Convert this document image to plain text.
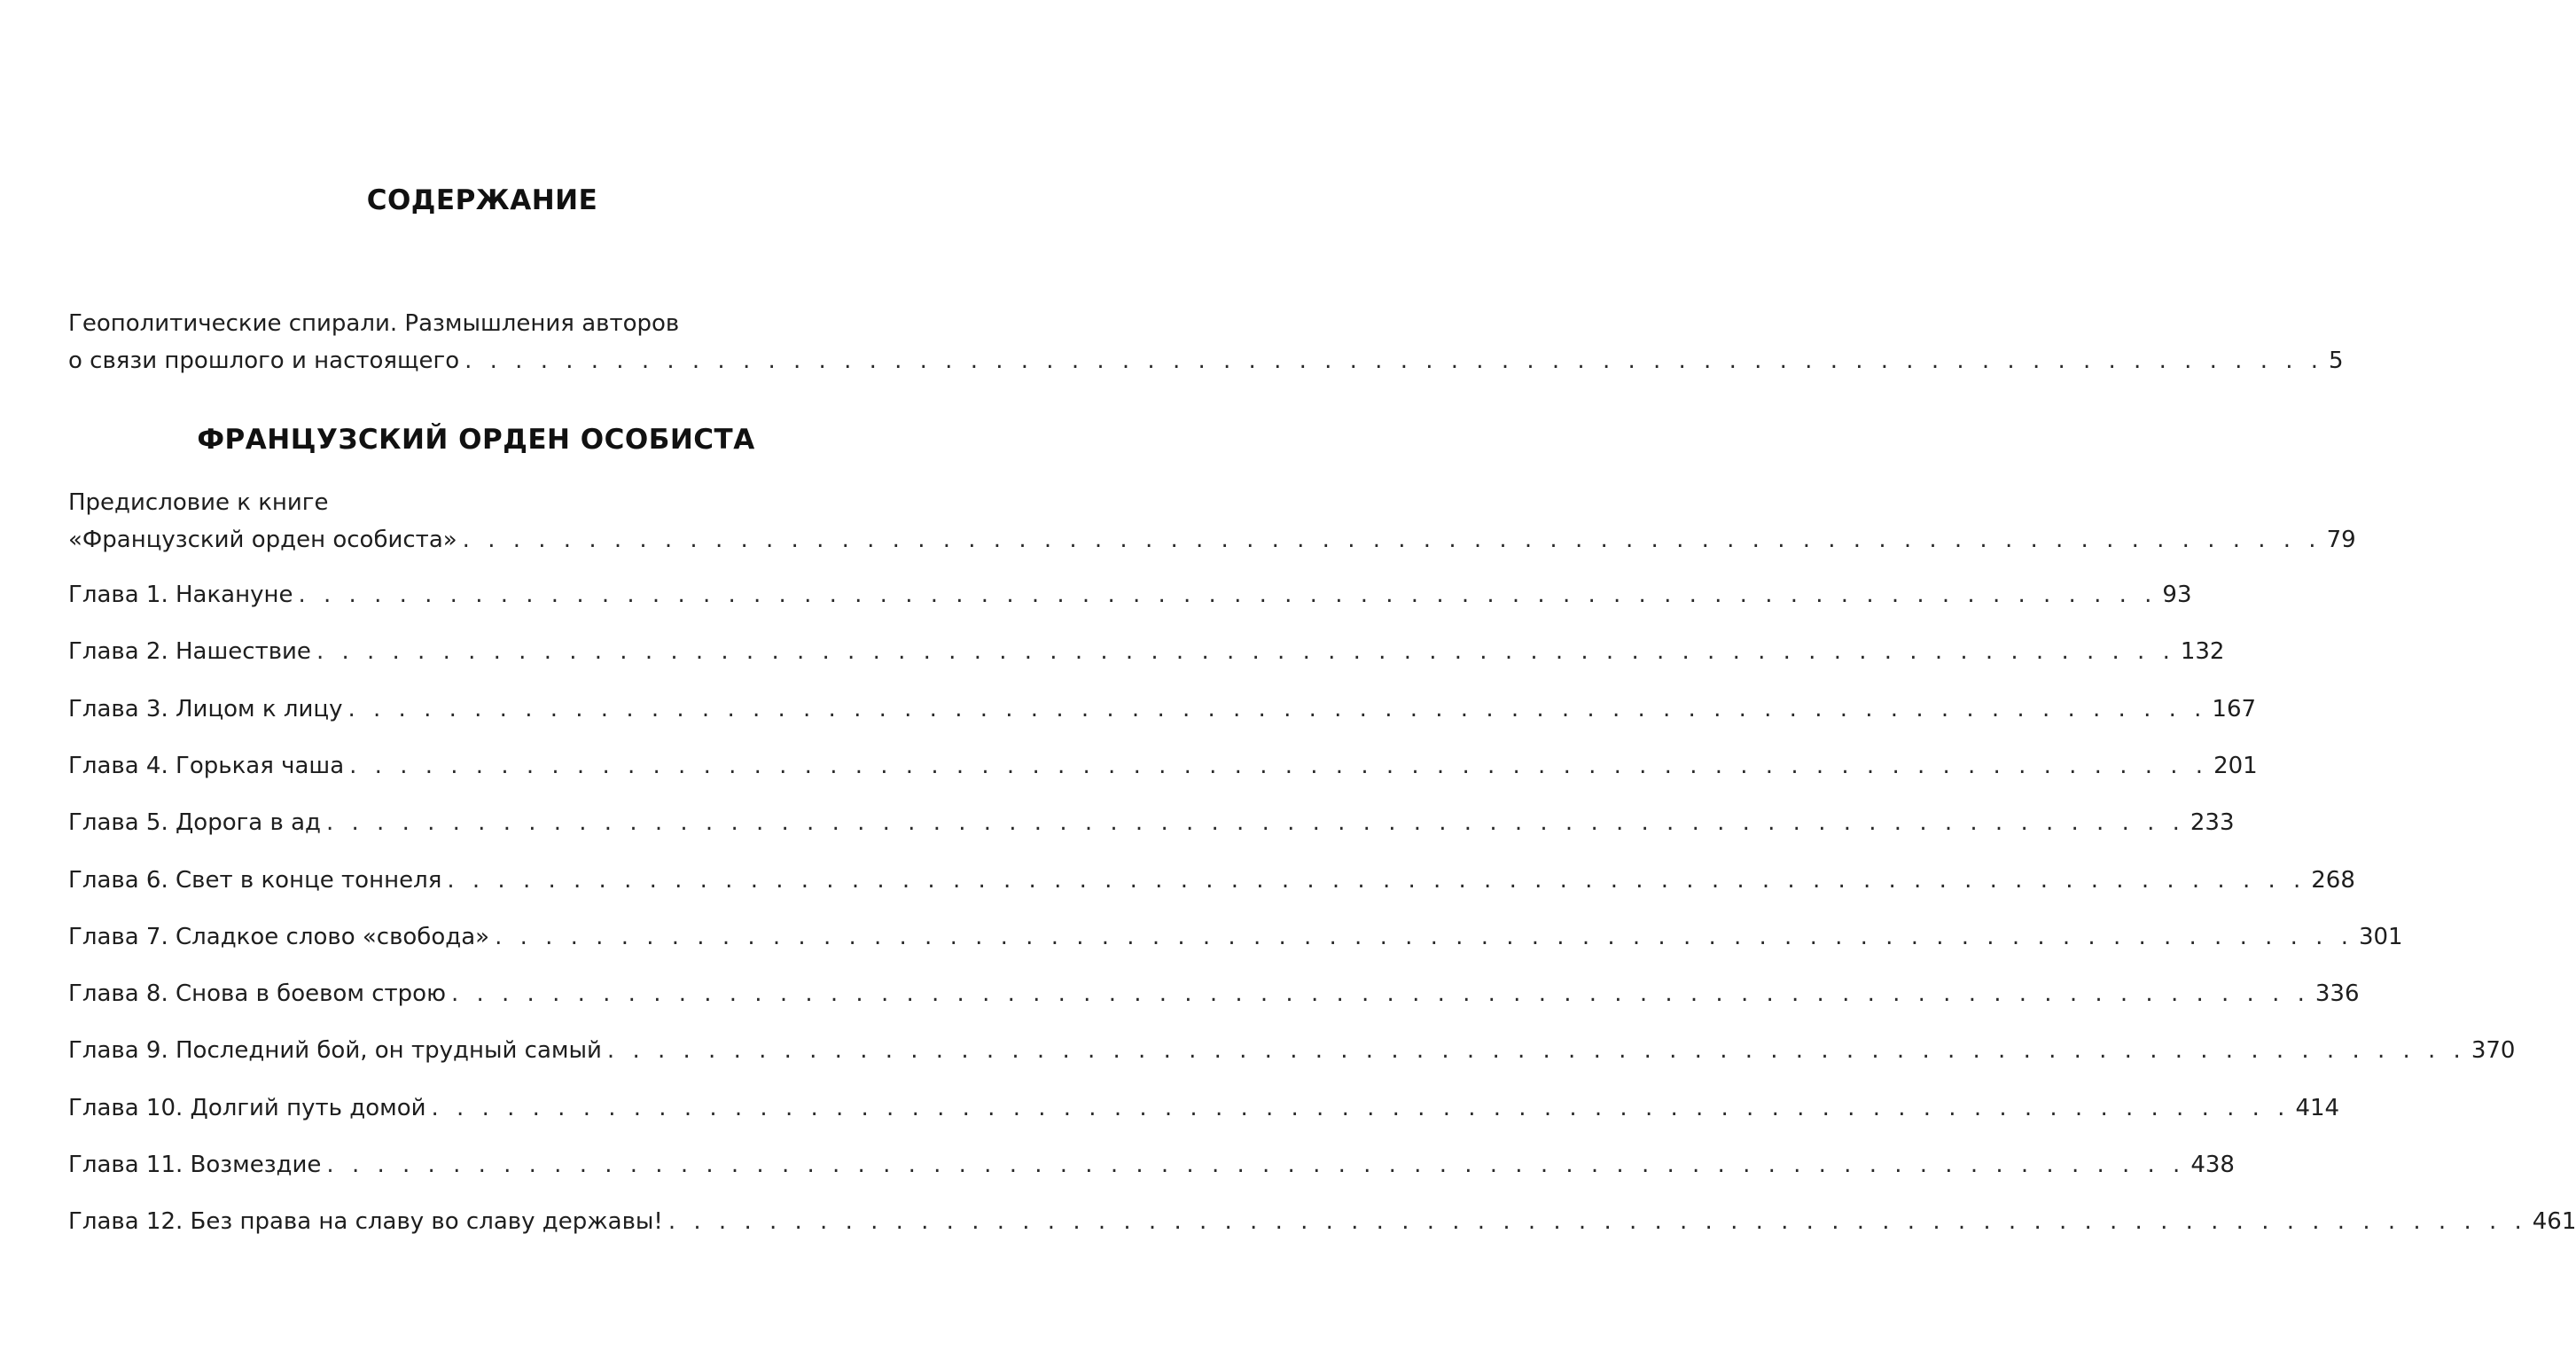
СОДЕРЖАНИЕ
Геополитические спирали. Размышления авторов
о связи прошлого и настоящего . . . . . . . . . . . . . . . . . . . . . . . . . . . . . . . . . . . . . . . . . . . . . . . . . . . . . . . . . . . . . . . . . . . . . . . . . . 5
ФРАНЦУЗСКИЙ ОРДЕН ОСОБИСТА
Предисловие к книге
«Французский орден особиста» . . . . . . . . . . . . . . . . . . . . . . . . . . . . . . . . . . . . . . . . . . . . . . . . . . . . . . . . . . . . . . . . . . . . . . . . . . 79
Глава 1. Накануне . . . . . . . . . . . . . . . . . . . . . . . . . . . . . . . . . . . . . . . . . . . . . . . . . . . . . . . . . . . . . . . . . . . . . . . . . . 93
Глава 2. Нашествие . . . . . . . . . . . . . . . . . . . . . . . . . . . . . . . . . . . . . . . . . . . . . . . . . . . . . . . . . . . . . . . . . . . . . . . . . . 132
Глава 3. Лицом к лицу . . . . . . . . . . . . . . . . . . . . . . . . . . . . . . . . . . . . . . . . . . . . . . . . . . . . . . . . . . . . . . . . . . . . . . . . . . 167
Глава 4. Горькая чаша . . . . . . . . . . . . . . . . . . . . . . . . . . . . . . . . . . . . . . . . . . . . . . . . . . . . . . . . . . . . . . . . . . . . . . . . . . 201
Глава 5. Дорога в ад . . . . . . . . . . . . . . . . . . . . . . . . . . . . . . . . . . . . . . . . . . . . . . . . . . . . . . . . . . . . . . . . . . . . . . . . . . 233
Глава 6. Свет в конце тоннеля . . . . . . . . . . . . . . . . . . . . . . . . . . . . . . . . . . . . . . . . . . . . . . . . . . . . . . . . . . . . . . . . . . . . . . . . . . 268
Глава 7. Сладкое слово «свобода» . . . . . . . . . . . . . . . . . . . . . . . . . . . . . . . . . . . . . . . . . . . . . . . . . . . . . . . . . . . . . . . . . . . . . . . . . . 301
Глава 8. Снова в боевом строю . . . . . . . . . . . . . . . . . . . . . . . . . . . . . . . . . . . . . . . . . . . . . . . . . . . . . . . . . . . . . . . . . . . . . . . . . . 336
Глава 9. Последний бой, он трудный самый . . . . . . . . . . . . . . . . . . . . . . . . . . . . . . . . . . . . . . . . . . . . . . . . . . . . . . . . . . . . . . . . . . . . . . . . . . 370
Глава 10. Долгий путь домой . . . . . . . . . . . . . . . . . . . . . . . . . . . . . . . . . . . . . . . . . . . . . . . . . . . . . . . . . . . . . . . . . . . . . . . . . . 414
Глава 11. Возмездие . . . . . . . . . . . . . . . . . . . . . . . . . . . . . . . . . . . . . . . . . . . . . . . . . . . . . . . . . . . . . . . . . . . . . . . . . . 438
Глава 12. Без права на славу во славу державы! . . . . . . . . . . . . . . . . . . . . . . . . . . . . . . . . . . . . . . . . . . . . . . . . . . . . . . . . . . . . . . . . . . . . . . . . . . 461
